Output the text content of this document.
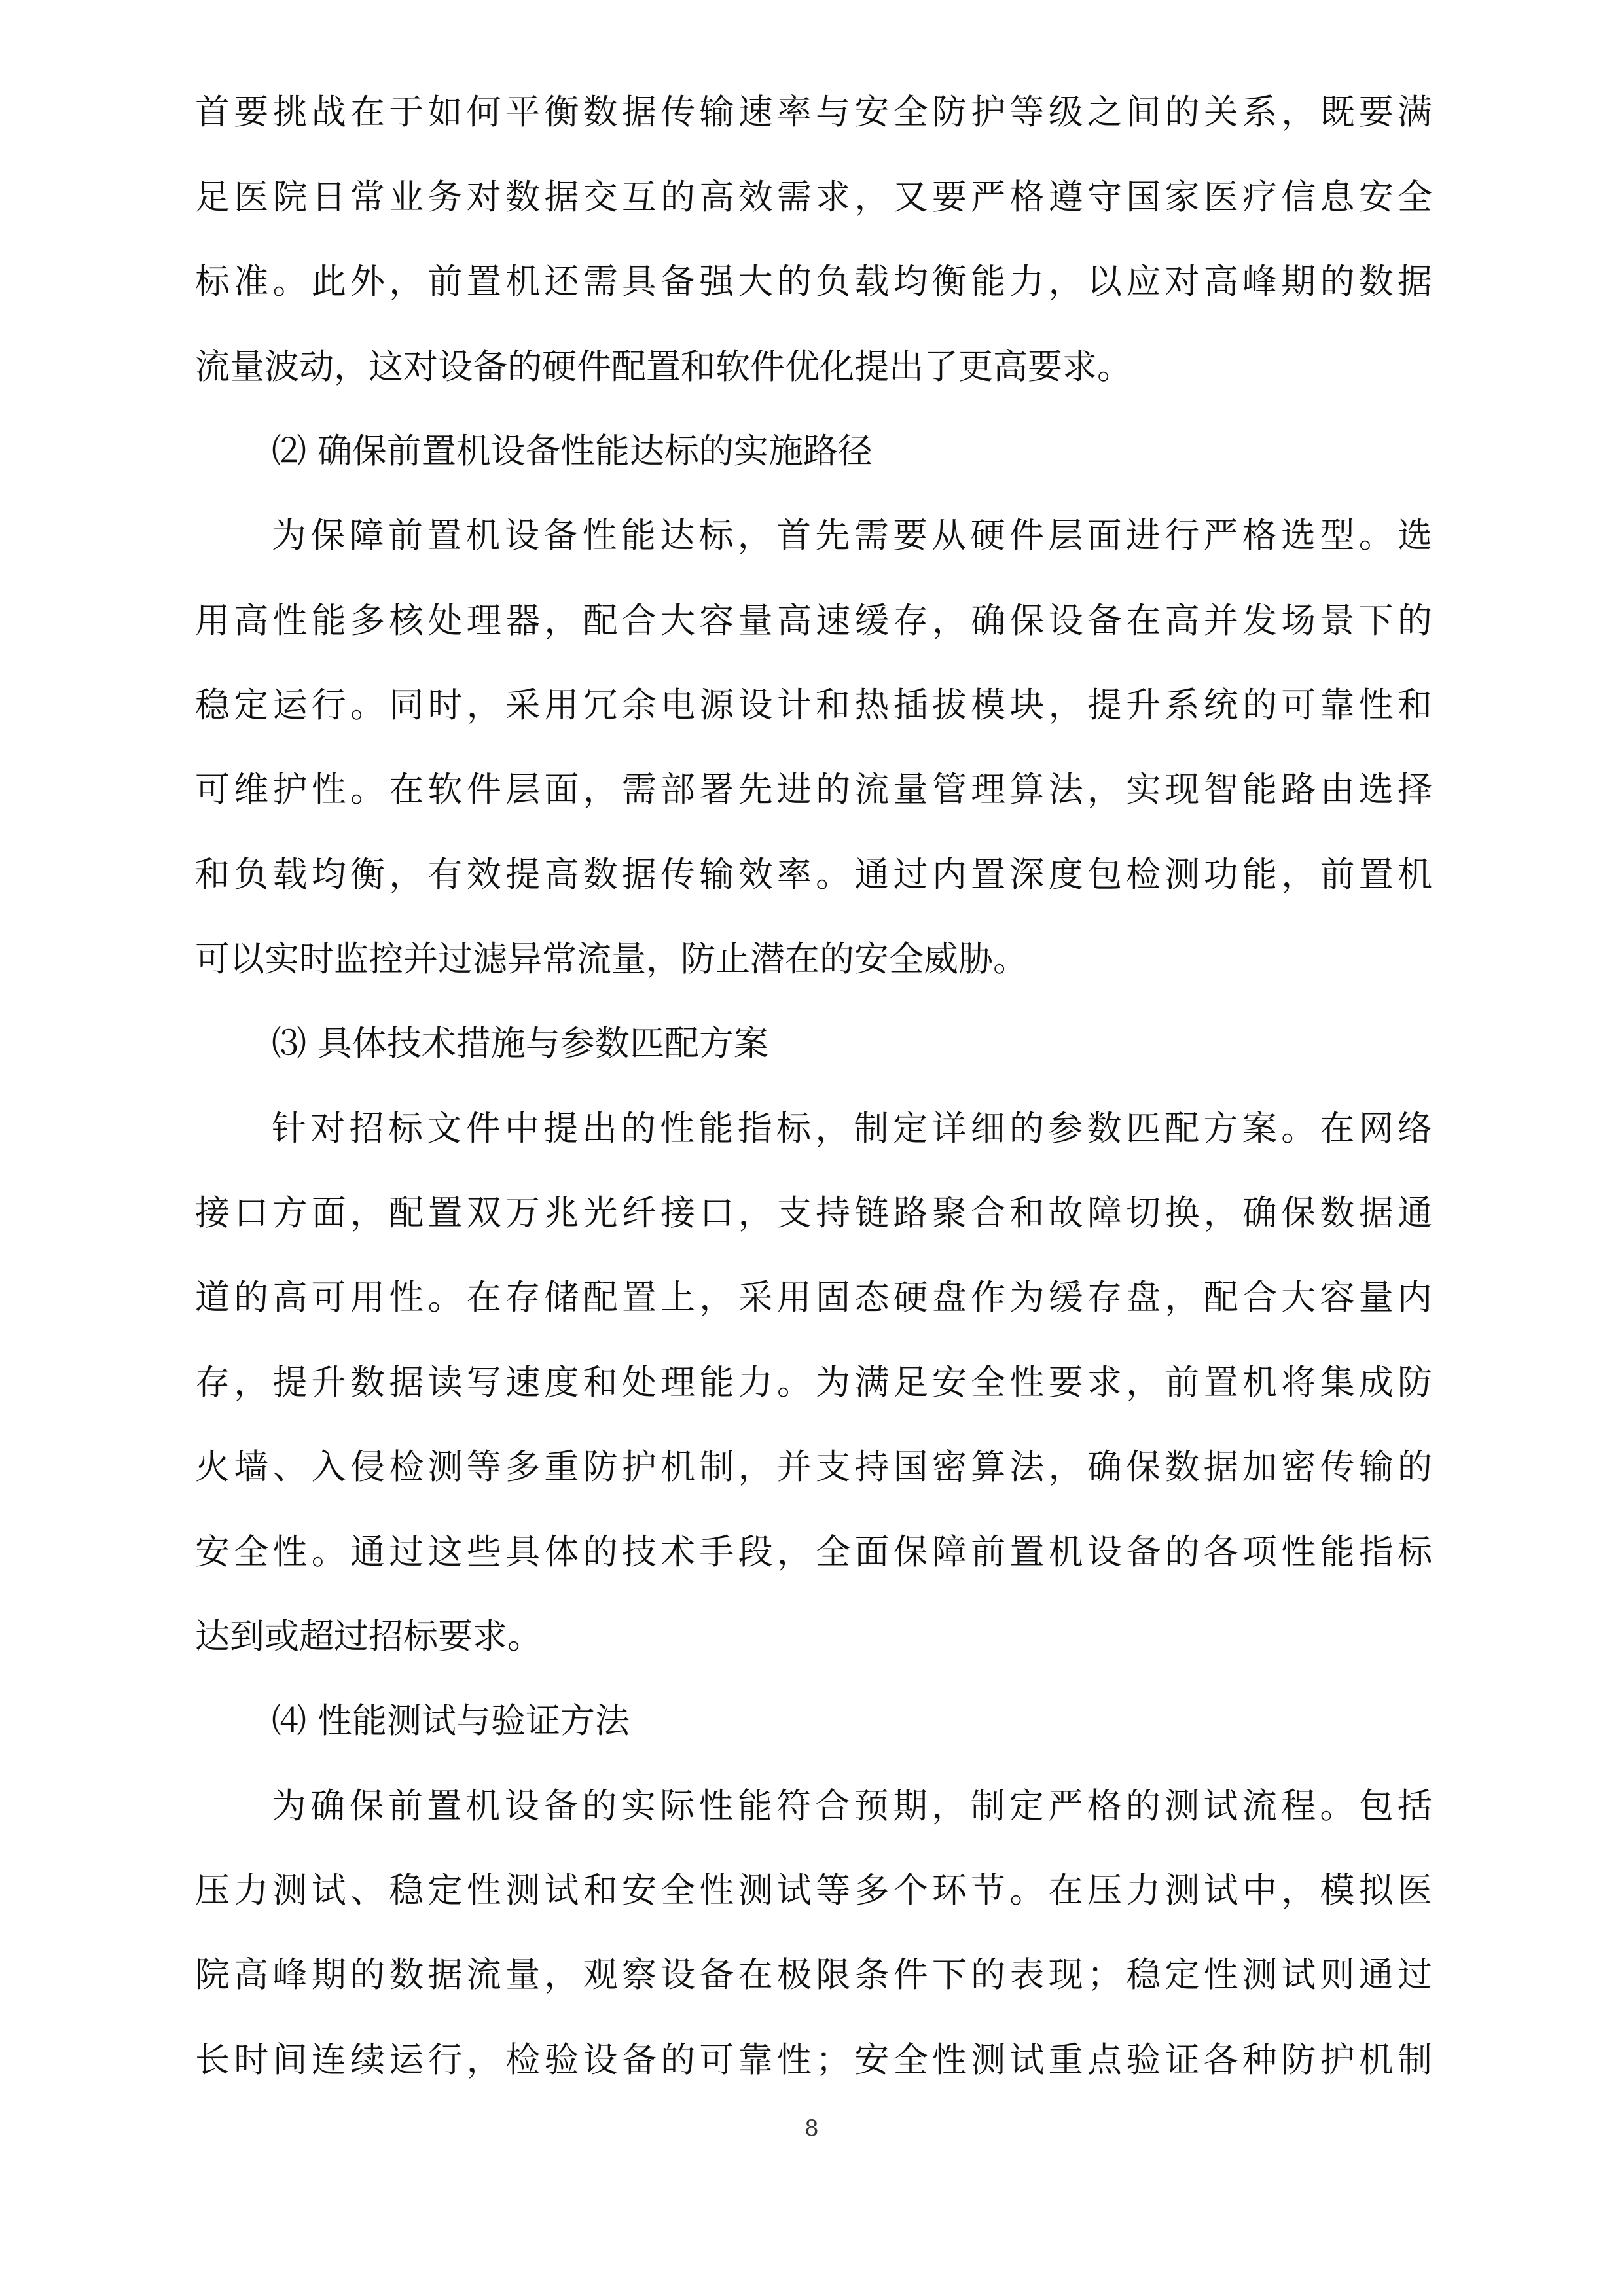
首要挑战在于如何平衡数据传输速率与安全防护等级之间的关系，既要满
足医院日常业务对数据交互的高效需求，又要严格遵守国家医疗信息安全
标准。此外，前置机还需具备强大的负载均衡能力，以应对高峰期的数据
流量波动，这对设备的硬件配置和软件优化提出了更高要求。
⑵ 确保前置机设备性能达标的实施路径
为保障前置机设备性能达标，首先需要从硬件层面进行严格选型。选
用高性能多核处理器，配合大容量高速缓存，确保设备在高并发场景下的
稳定运行。同时，采用冗余电源设计和热插拔模块，提升系统的可靠性和
可维护性。在软件层面，需部署先进的流量管理算法，实现智能路由选择
和负载均衡，有效提高数据传输效率。通过内置深度包检测功能，前置机
可以实时监控并过滤异常流量，防止潜在的安全威胁。
⑶ 具体技术措施与参数匹配方案
针对招标文件中提出的性能指标，制定详细的参数匹配方案。在网络
接口方面，配置双万兆光纤接口，支持链路聚合和故障切换，确保数据通
道的高可用性。在存储配置上，采用固态硬盘作为缓存盘，配合大容量内
存，提升数据读写速度和处理能力。为满足安全性要求，前置机将集成防
火墙、入侵检测等多重防护机制，并支持国密算法，确保数据加密传输的
安全性。通过这些具体的技术手段，全面保障前置机设备的各项性能指标
达到或超过招标要求。
⑷ 性能测试与验证方法
为确保前置机设备的实际性能符合预期，制定严格的测试流程。包括
压力测试、稳定性测试和安全性测试等多个环节。在压力测试中，模拟医
院高峰期的数据流量，观察设备在极限条件下的表现；稳定性测试则通过
长时间连续运行，检验设备的可靠性；安全性测试重点验证各种防护机制
8
